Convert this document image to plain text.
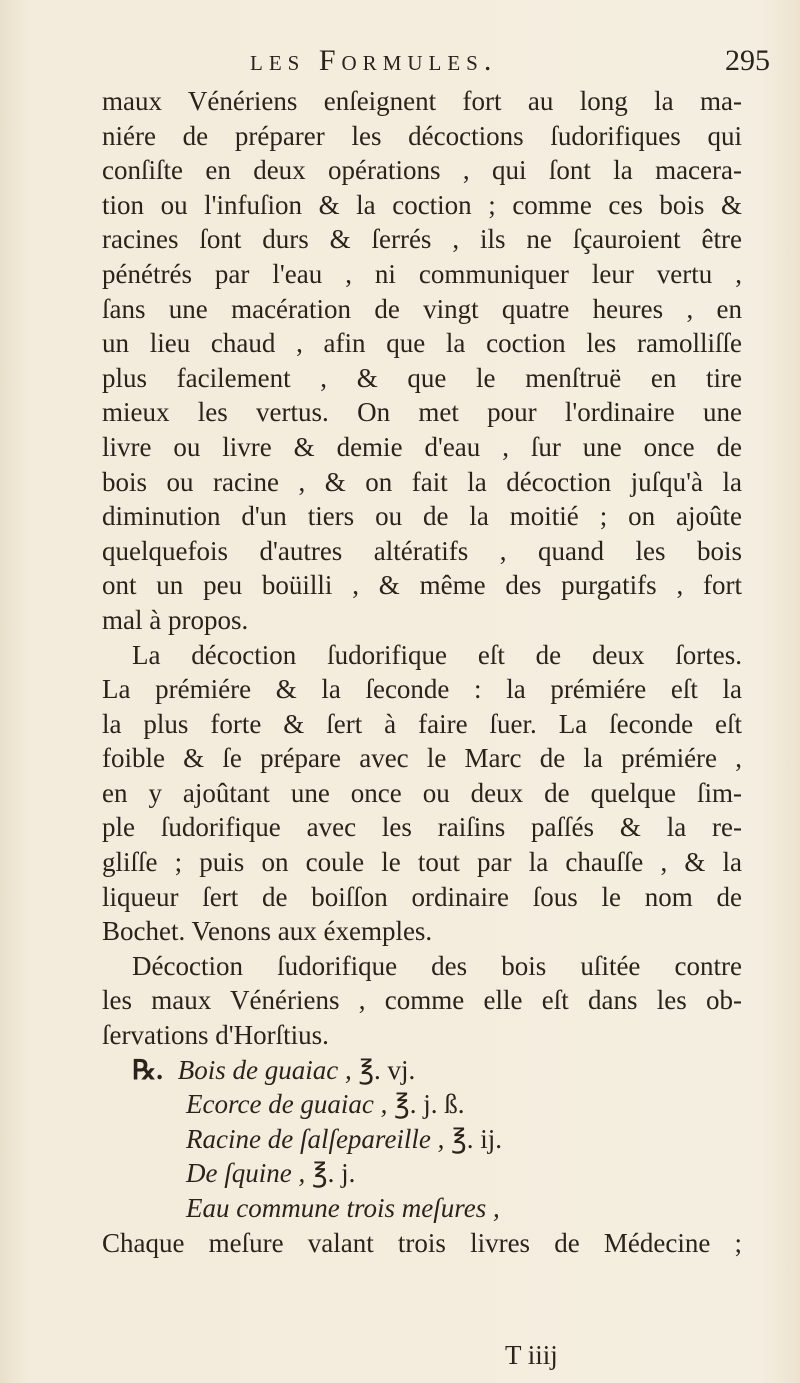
les Formules.	295
maux Vénériens enſeignent fort au long la ma-
niére de préparer les décoctions ſudorifiques qui
conſiſte en deux opérations , qui ſont la macera-
tion ou l'infuſion & la coction ; comme ces bois &
racines ſont durs & ſerrés , ils ne ſçauroient être
pénétrés par l'eau , ni communiquer leur vertu ,
ſans une macération de vingt quatre heures , en
un lieu chaud , afin que la coction les ramolliſſe
plus facilement , & que le menſtruë en tire
mieux les vertus. On met pour l'ordinaire une
livre ou livre & demie d'eau , ſur une once de
bois ou racine , & on fait la décoction juſqu'à la
diminution d'un tiers ou de la moitié ; on ajoûte
quelquefois d'autres altératifs , quand les bois
ont un peu boüilli , & même des purgatifs , fort
mal à propos.
La décoction ſudorifique eſt de deux ſortes.
La prémiére & la ſeconde : la prémiére eſt la
la plus forte & ſert à faire ſuer. La ſeconde eſt
foible & ſe prépare avec le Marc de la prémiére ,
en y ajoûtant une once ou deux de quelque ſim-
ple ſudorifique avec les raiſins paſſés & la re-
gliſſe ; puis on coule le tout par la chauſſe , & la
liqueur ſert de boiſſon ordinaire ſous le nom de
Bochet. Venons aux éxemples.
Décoction ſudorifique des bois uſitée contre
les maux Vénériens , comme elle eſt dans les ob-
ſervations d'Horſtius.
℞. Bois de guaiac , ℥. vj.
Ecorce de guaiac , ℥. j. ß.
Racine de ſalſepareille , ℥. ij.
De ſquine , ℥. j.
Eau commune trois meſures ,
Chaque meſure valant trois livres de Médecine ;
T iiij
